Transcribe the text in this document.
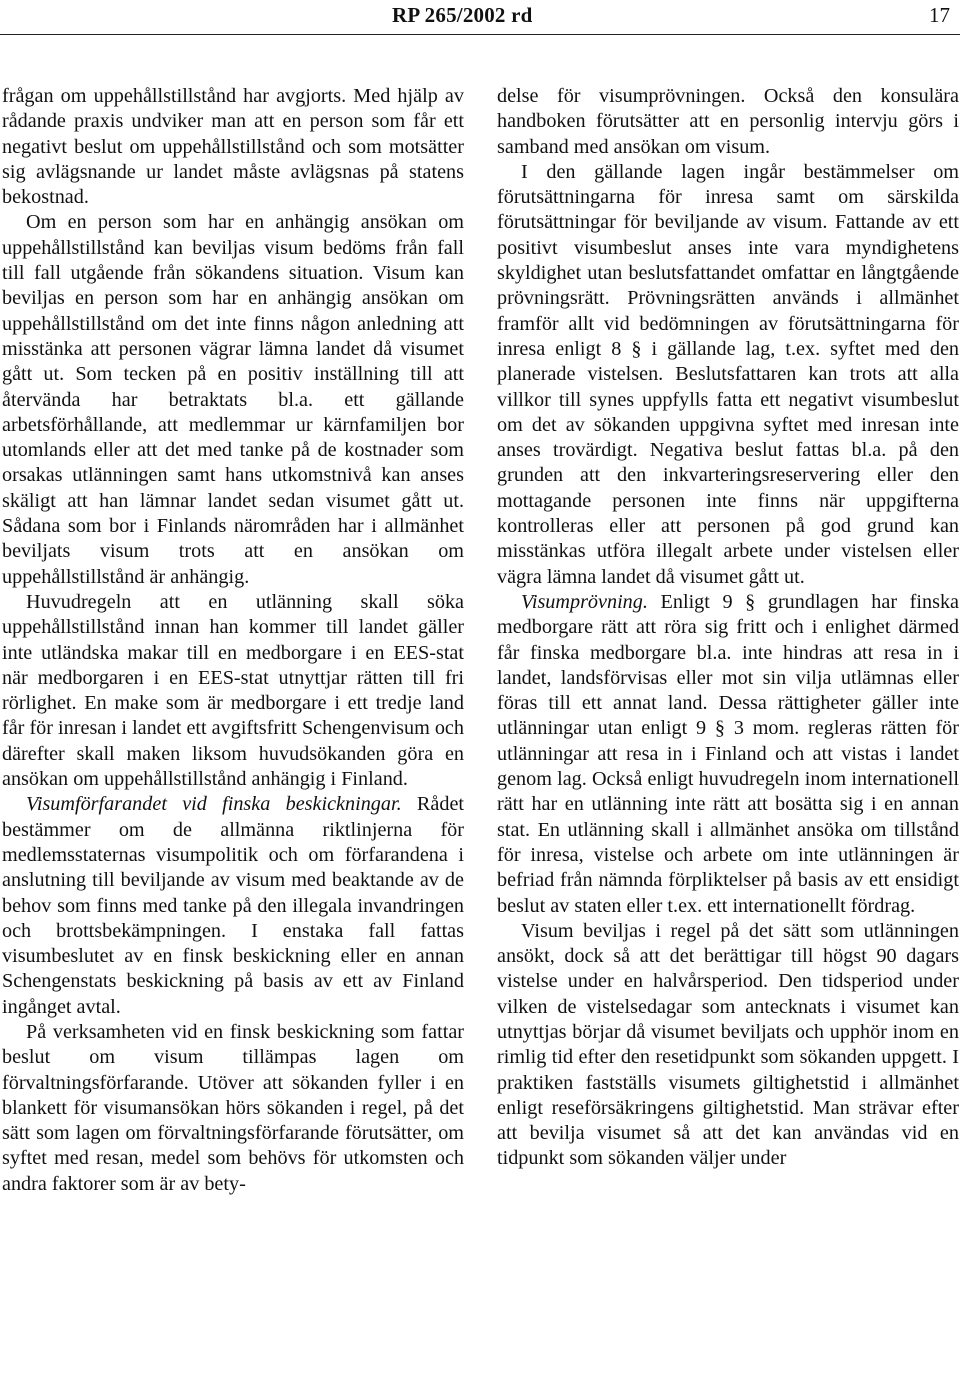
RP 265/2002 rd	17

frågan om uppehållstillstånd har avgjorts. Med hjälp av rådande praxis undviker man att en person som får ett negativt beslut om uppehållstillstånd och som motsätter sig avlägsnande ur landet måste avlägsnas på statens bekostnad.

Om en person som har en anhängig ansökan om uppehållstillstånd kan beviljas visum bedöms från fall till fall utgående från sökandens situation. Visum kan beviljas en person som har en anhängig ansökan om uppehållstillstånd om det inte finns någon anledning att misstänka att personen vägrar lämna landet då visumet gått ut. Som tecken på en positiv inställning till att återvända har betraktats bl.a. ett gällande arbetsförhållande, att medlemmar ur kärnfamiljen bor utomlands eller att det med tanke på de kostnader som orsakas utlänningen samt hans utkomstnivå kan anses skäligt att han lämnar landet sedan visumet gått ut. Sådana som bor i Finlands närområden har i allmänhet beviljats visum trots att en ansökan om uppehållstillstånd är anhängig.

Huvudregeln att en utlänning skall söka uppehållstillstånd innan han kommer till landet gäller inte utländska makar till en medborgare i en EES-stat när medborgaren i en EES-stat utnyttjar rätten till fri rörlighet. En make som är medborgare i ett tredje land får för inresan i landet ett avgiftsfritt Schengenvisum och därefter skall maken liksom huvudsökanden göra en ansökan om uppehållstillstånd anhängig i Finland.

Visumförfarandet vid finska beskickningar. Rådet bestämmer om de allmänna riktlinjerna för medlemsstaternas visumpolitik och om förfarandena i anslutning till beviljande av visum med beaktande av de behov som finns med tanke på den illegala invandringen och brottsbekämpningen. I enstaka fall fattas visumbeslutet av en finsk beskickning eller en annan Schengenstats beskickning på basis av ett av Finland ingånget avtal.

På verksamheten vid en finsk beskickning som fattar beslut om visum tillämpas lagen om förvaltningsförfarande. Utöver att sökanden fyller i en blankett för visumansökan hörs sökanden i regel, på det sätt som lagen om förvaltningsförfarande förutsätter, om syftet med resan, medel som behövs för utkomsten och andra faktorer som är av bety-

delse för visumprövningen. Också den konsulära handboken förutsätter att en personlig intervju görs i samband med ansökan om visum.

I den gällande lagen ingår bestämmelser om förutsättningarna för inresa samt om särskilda förutsättningar för beviljande av visum. Fattande av ett positivt visumbeslut anses inte vara myndighetens skyldighet utan beslutsfattandet omfattar en långtgående prövningsrätt. Prövningsrätten används i allmänhet framför allt vid bedömningen av förutsättningarna för inresa enligt 8 § i gällande lag, t.ex. syftet med den planerade vistelsen. Beslutsfattaren kan trots att alla villkor till synes uppfylls fatta ett negativt visumbeslut om det av sökanden uppgivna syftet med inresan inte anses trovärdigt. Negativa beslut fattas bl.a. på den grunden att den inkvarteringsreservering eller den mottagande personen inte finns när uppgifterna kontrolleras eller att personen på god grund kan misstänkas utföra illegalt arbete under vistelsen eller vägra lämna landet då visumet gått ut.

Visumprövning. Enligt 9 § grundlagen har finska medborgare rätt att röra sig fritt och i enlighet därmed får finska medborgare bl.a. inte hindras att resa in i landet, landsförvisas eller mot sin vilja utlämnas eller föras till ett annat land. Dessa rättigheter gäller inte utlänningar utan enligt 9 § 3 mom. regleras rätten för utlänningar att resa in i Finland och att vistas i landet genom lag. Också enligt huvudregeln inom internationell rätt har en utlänning inte rätt att bosätta sig i en annan stat. En utlänning skall i allmänhet ansöka om tillstånd för inresa, vistelse och arbete om inte utlänningen är befriad från nämnda förpliktelser på basis av ett ensidigt beslut av staten eller t.ex. ett internationellt fördrag.

Visum beviljas i regel på det sätt som utlänningen ansökt, dock så att det berättigar till högst 90 dagars vistelse under en halvårsperiod. Den tidsperiod under vilken de vistelsedagar som antecknats i visumet kan utnyttjas börjar då visumet beviljats och upphör inom en rimlig tid efter den resetidpunkt som sökanden uppgett. I praktiken fastställs visumets giltighetstid i allmänhet enligt reseförsäkringens giltighetstid. Man strävar efter att bevilja visumet så att det kan användas vid en tidpunkt som sökanden väljer under
